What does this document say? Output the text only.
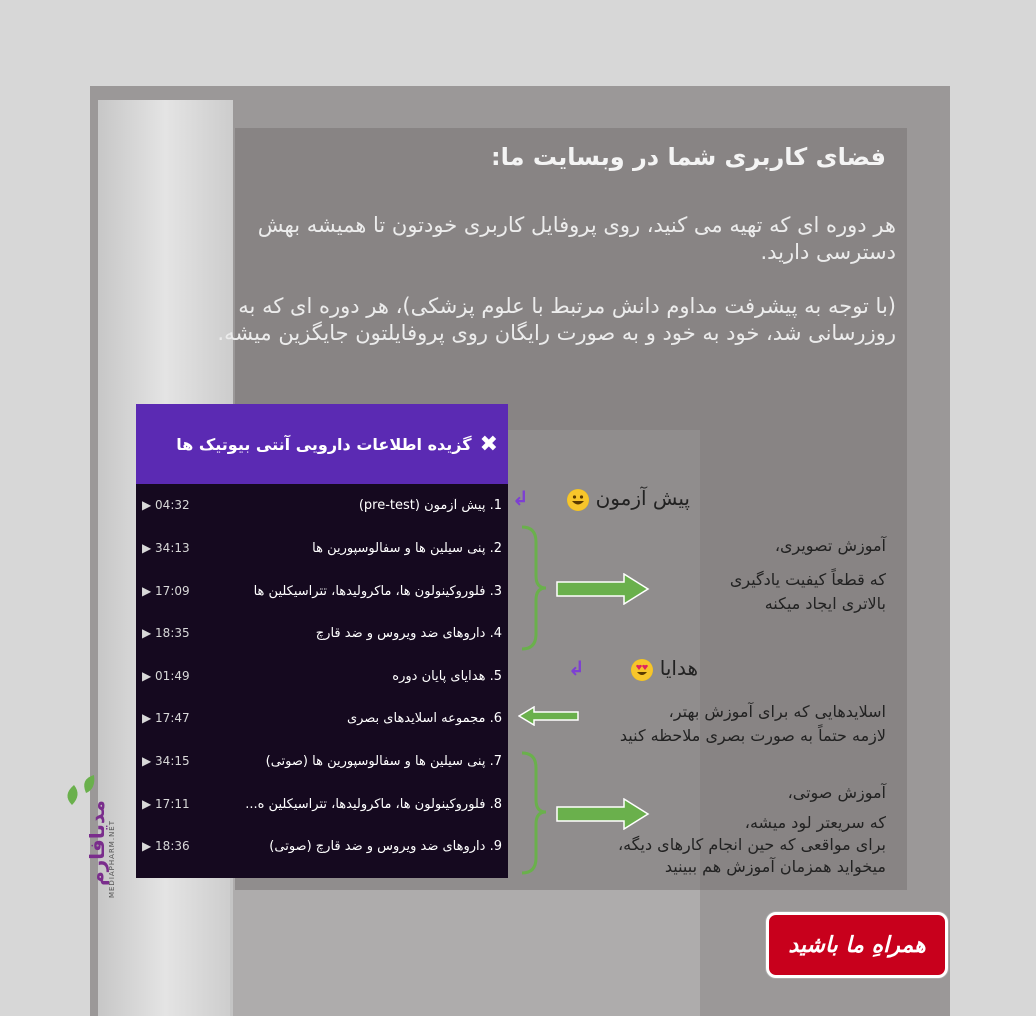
فضای کاربری شما در وبسایت ما:
هر دوره ای که تهیه می کنید، روی پروفایل کاربری خودتون تا همیشه بهش دسترسی دارید.
(با توجه به پیشرفت مداوم دانش مرتبط با علوم پزشکی)، هر دوره ای که به روزرسانی شد، خود به خود و به صورت رایگان روی پروفایلتون جایگزین میشه.
گزیده اطلاعات دارویی آنتی بیوتیک ها ✖
▶ 04:32	1. پیش آزمون (pre-test)
▶ 34:13	2. پنی سیلین ها و سفالوسپورین ها
▶ 17:09	3. فلوروکینولون ها، ماکرولیدها، تتراسیکلین ها
▶ 18:35	4. داروهای ضد ویروس و ضد قارچ
▶ 01:49	5. هدایای پایان دوره
▶ 17:47	6. مجموعه اسلایدهای بصری
▶ 34:15	7. پنی سیلین ها و سفالوسپورین ها (صوتی)
▶ 17:11	8. فلوروکینولون ها، ماکرولیدها، تتراسیکلین ه...
▶ 18:36	9. داروهای ضد ویروس و ضد قارچ (صوتی)
↲
↲
پیش آزمون
هدایا
آموزش تصویری،
که قطعاً کیفیت یادگیری
بالاتری ایجاد میکنه
اسلایدهایی که برای آموزش بهتر،
لازمه حتماً به صورت بصری ملاحظه کنید
آموزش صوتی،
که سریعتر لود میشه،
برای مواقعی که حین انجام کارهای دیگه،
میخواید همزمان آموزش هم ببینید
همراهِ ما باشید
مدیافارم MEDIAPHARM.NET
